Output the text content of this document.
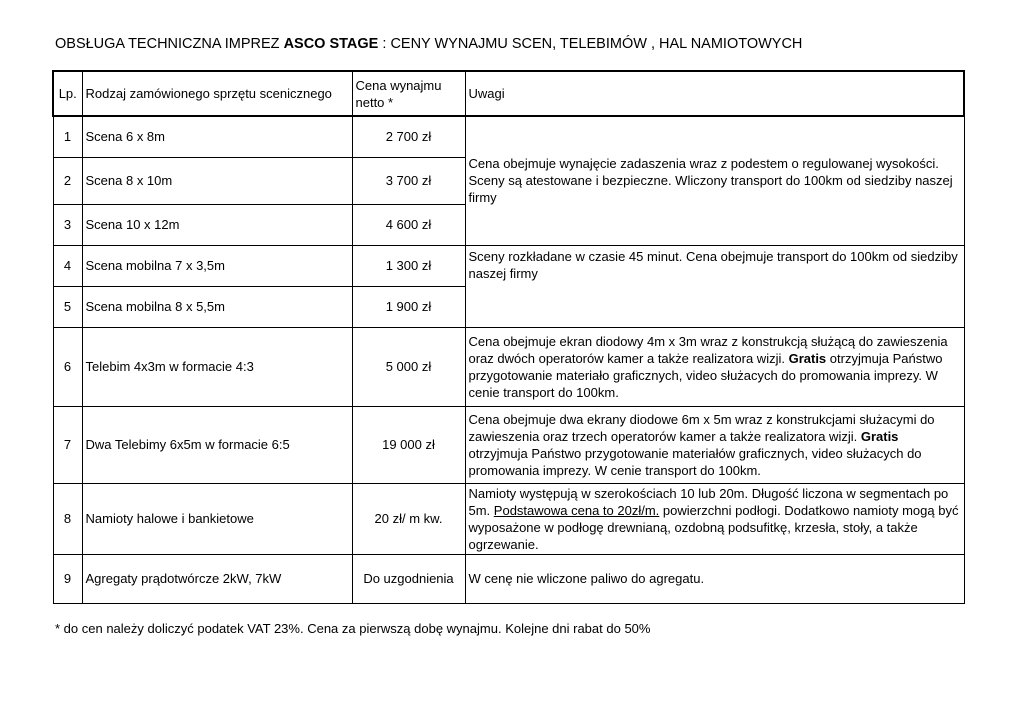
OBSŁUGA TECHNICZNA IMPREZ ASCO STAGE : CENY WYNAJMU SCEN, TELEBIMÓW , HAL NAMIOTOWYCH
Lp.	Rodzaj zamówionego sprzętu scenicznego	Cena wynajmu netto *	Uwagi
1	Scena 6 x 8m	2 700 zł	Cena obejmuje wynajęcie zadaszenia wraz z podestem o regulowanej wysokości. Sceny są atestowane i bezpieczne. Wliczony transport do 100km od siedziby naszej firmy
2	Scena 8 x 10m	3 700 zł	
3	Scena 10 x 12m	4 600 zł	
4	Scena mobilna 7 x 3,5m	1 300 zł	Sceny rozkładane w czasie 45 minut. Cena obejmuje transport do 100km od siedziby naszej firmy
5	Scena mobilna 8 x 5,5m	1 900 zł	
6	Telebim 4x3m w formacie 4:3	5 000 zł	Cena obejmuje ekran diodowy 4m x 3m wraz z konstrukcją służącą do zawieszenia oraz dwóch operatorów kamer a także realizatora wizji. Gratis otrzyjmuja Państwo przygotowanie materiało graficznych, video służacych do promowania imprezy. W cenie transport do 100km.
7	Dwa Telebimy 6x5m w formacie 6:5	19 000 zł	Cena obejmuje dwa ekrany diodowe 6m x 5m wraz z konstrukcjami służacymi do zawieszenia oraz trzech operatorów kamer a także realizatora wizji. Gratis otrzyjmuja Państwo przygotowanie materiałów graficznych, video służacych do promowania imprezy. W cenie transport do 100km.
8	Namioty halowe i bankietowe	20 zł/ m kw.	Namioty występują w szerokościach 10 lub 20m. Długość liczona w segmentach po 5m. Podstawowa cena to 20zł/m. powierzchni podłogi. Dodatkowo namioty mogą być wyposażone w podłogę drewnianą, ozdobną podsufitkę, krzesła, stoły, a także ogrzewanie.
9	Agregaty prądotwórcze 2kW, 7kW	Do uzgodnienia	W cenę nie wliczone paliwo do agregatu.
* do cen należy doliczyć podatek VAT 23%. Cena za pierwszą dobę wynajmu. Kolejne dni rabat do 50%
